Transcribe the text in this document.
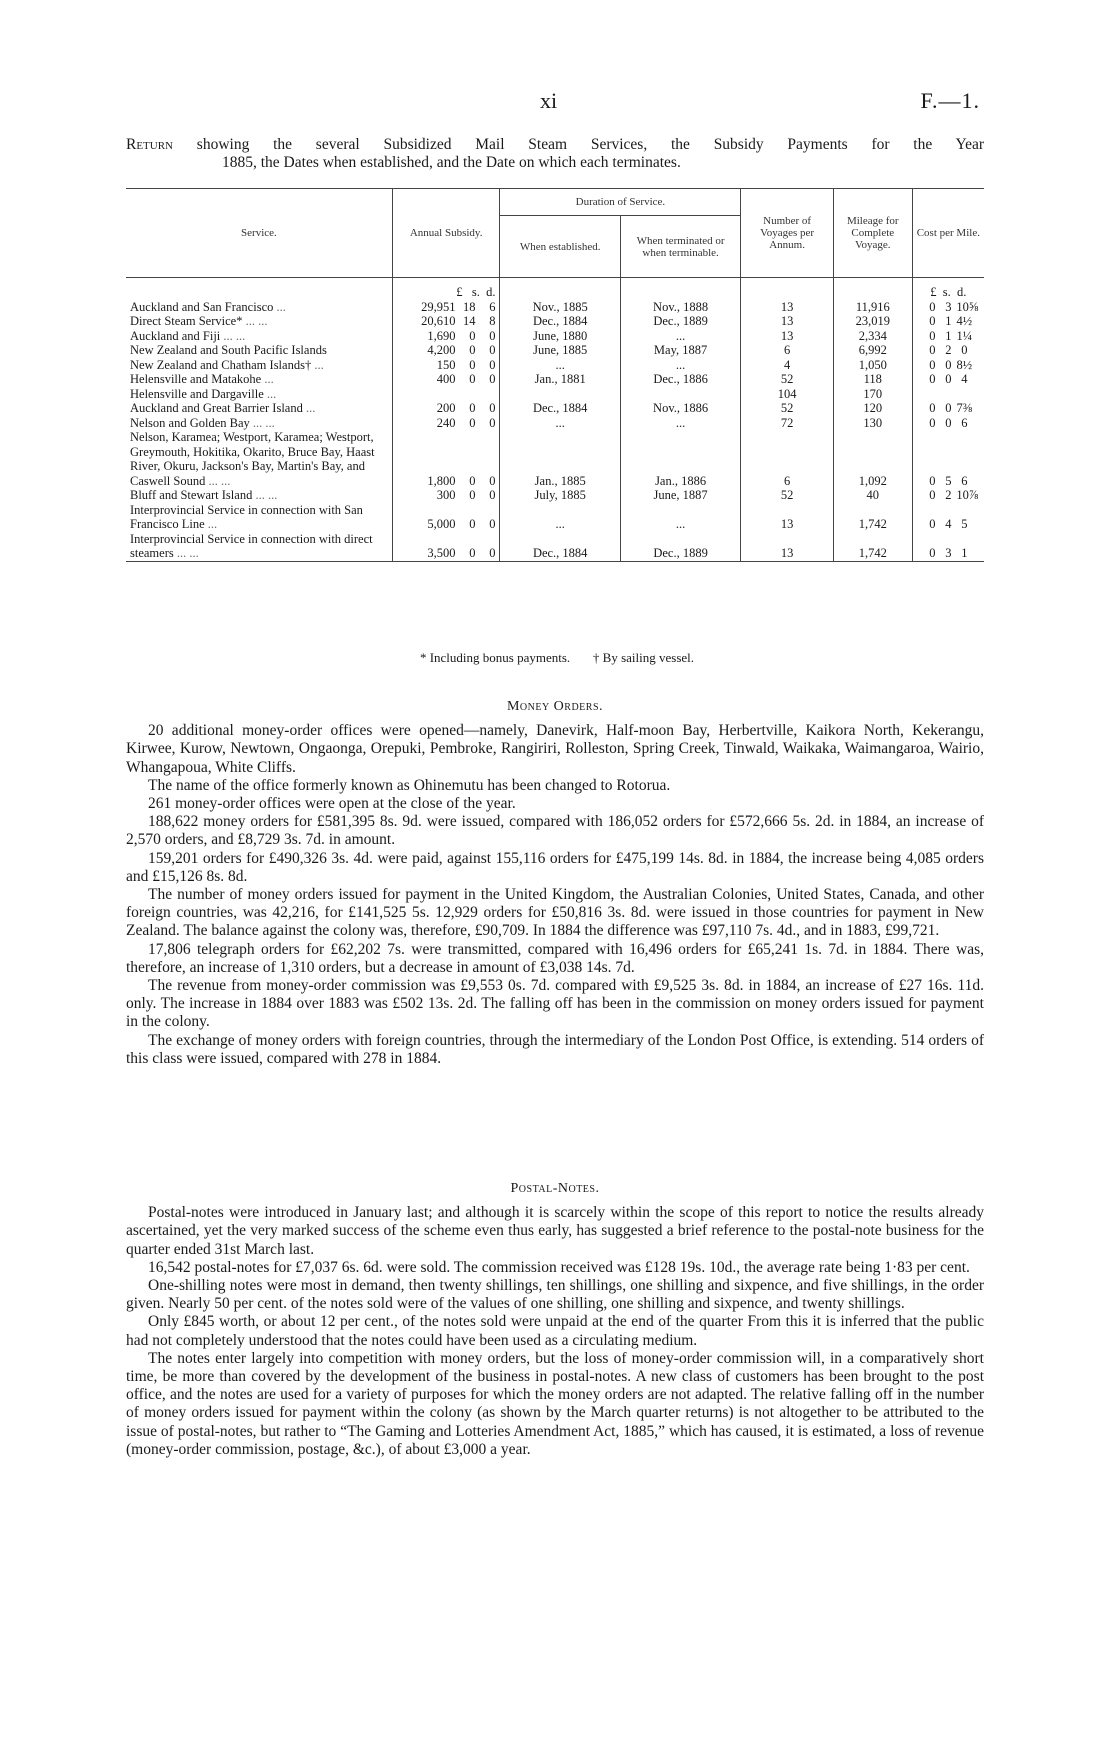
xi	F.—1.
Return showing the several Subsidized Mail Steam Services, the Subsidy Payments for the Year
1885, the Dates when established, and the Date on which each terminates.
Service.	Annual Subsidy.	Duration of Service.		Number of Voyages per Annum.	Mileage for Complete Voyage.	Cost per Mile.
		When established.	When terminated or when terminable.			
	£ s. d.					£ s. d.
Auckland and San Francisco ...	29,951 18 6	Nov., 1885	Nov., 1888	13	11,916	0 3 10⅝
Direct Steam Service* ... ...	20,610 14 8	Dec., 1884	Dec., 1889	13	23,019	0 1 4½
Auckland and Fiji ... ...	1,690 0 0	June, 1880	...	13	2,334	0 1 1¼
New Zealand and South Pacific Islands	4,200 0 0	June, 1885	May, 1887	6	6,992	0 2 0
New Zealand and Chatham Islands† ...	150 0 0	...	...	4	1,050	0 0 8½
Helensville and Matakohe ...	400 0 0	Jan., 1881	Dec., 1886	52	118	0 0 4
Helensville and Dargaville ...				104	170	
Auckland and Great Barrier Island ...	200 0 0	Dec., 1884	Nov., 1886	52	120	0 0 7⅜
Nelson and Golden Bay ... ...	240 0 0	...	...	72	130	0 0 6
Nelson, Karamea; Westport, Karamea; Westport, Greymouth, Hokitika, Okarito, Bruce Bay, Haast River, Okuru, Jackson's Bay, Martin's Bay, and Caswell Sound ... ...	1,800 0 0	Jan., 1885	Jan., 1886	6	1,092	0 5 6
Bluff and Stewart Island ... ...	300 0 0	July, 1885	June, 1887	52	40	0 2 10⅞
Interprovincial Service in connection with San Francisco Line ...	5,000 0 0	...	...	13	1,742	0 4 5
Interprovincial Service in connection with direct steamers ... ...	3,500 0 0	Dec., 1884	Dec., 1889	13	1,742	0 3 1
* Including bonus payments. † By sailing vessel.
Money Orders.

20 additional money-order offices were opened—namely, Danevirk, Half-moon Bay, Herbertville, Kaikora North, Kekerangu, Kirwee, Kurow, Newtown, Ongaonga, Orepuki, Pembroke, Rangiriri, Rolleston, Spring Creek, Tinwald, Waikaka, Waimangaroa, Wairio, Whangapoua, White Cliffs.

The name of the office formerly known as Ohinemutu has been changed to Rotorua.

261 money-order offices were open at the close of the year.

188,622 money orders for £581,395 8s. 9d. were issued, compared with 186,052 orders for £572,666 5s. 2d. in 1884, an increase of 2,570 orders, and £8,729 3s. 7d. in amount.

159,201 orders for £490,326 3s. 4d. were paid, against 155,116 orders for £475,199 14s. 8d. in 1884, the increase being 4,085 orders and £15,126 8s. 8d.

The number of money orders issued for payment in the United Kingdom, the Australian Colonies, United States, Canada, and other foreign countries, was 42,216, for £141,525 5s. 12,929 orders for £50,816 3s. 8d. were issued in those countries for payment in New Zealand. The balance against the colony was, therefore, £90,709. In 1884 the difference was £97,110 7s. 4d., and in 1883, £99,721.

17,806 telegraph orders for £62,202 7s. were transmitted, compared with 16,496 orders for £65,241 1s. 7d. in 1884. There was, therefore, an increase of 1,310 orders, but a decrease in amount of £3,038 14s. 7d.

The revenue from money-order commission was £9,553 0s. 7d. compared with £9,525 3s. 8d. in 1884, an increase of £27 16s. 11d. only. The increase in 1884 over 1883 was £502 13s. 2d. The falling off has been in the commission on money orders issued for payment in the colony.

The exchange of money orders with foreign countries, through the intermediary of the London Post Office, is extending. 514 orders of this class were issued, compared with 278 in 1884.

Postal-Notes.

Postal-notes were introduced in January last; and although it is scarcely within the scope of this report to notice the results already ascertained, yet the very marked success of the scheme even thus early, has suggested a brief reference to the postal-note business for the quarter ended 31st March last.

16,542 postal-notes for £7,037 6s. 6d. were sold. The commission received was £128 19s. 10d., the average rate being 1·83 per cent.

One-shilling notes were most in demand, then twenty shillings, ten shillings, one shilling and sixpence, and five shillings, in the order given. Nearly 50 per cent. of the notes sold were of the values of one shilling, one shilling and sixpence, and twenty shillings.

Only £845 worth, or about 12 per cent., of the notes sold were unpaid at the end of the quarter From this it is inferred that the public had not completely understood that the notes could have been used as a circulating medium.

The notes enter largely into competition with money orders, but the loss of money-order commission will, in a comparatively short time, be more than covered by the development of the business in postal-notes. A new class of customers has been brought to the post office, and the notes are used for a variety of purposes for which the money orders are not adapted. The relative falling off in the number of money orders issued for payment within the colony (as shown by the March quarter returns) is not altogether to be attributed to the issue of postal-notes, but rather to “The Gaming and Lotteries Amendment Act, 1885,” which has caused, it is estimated, a loss of revenue (money-order commission, postage, &c.), of about £3,000 a year.
